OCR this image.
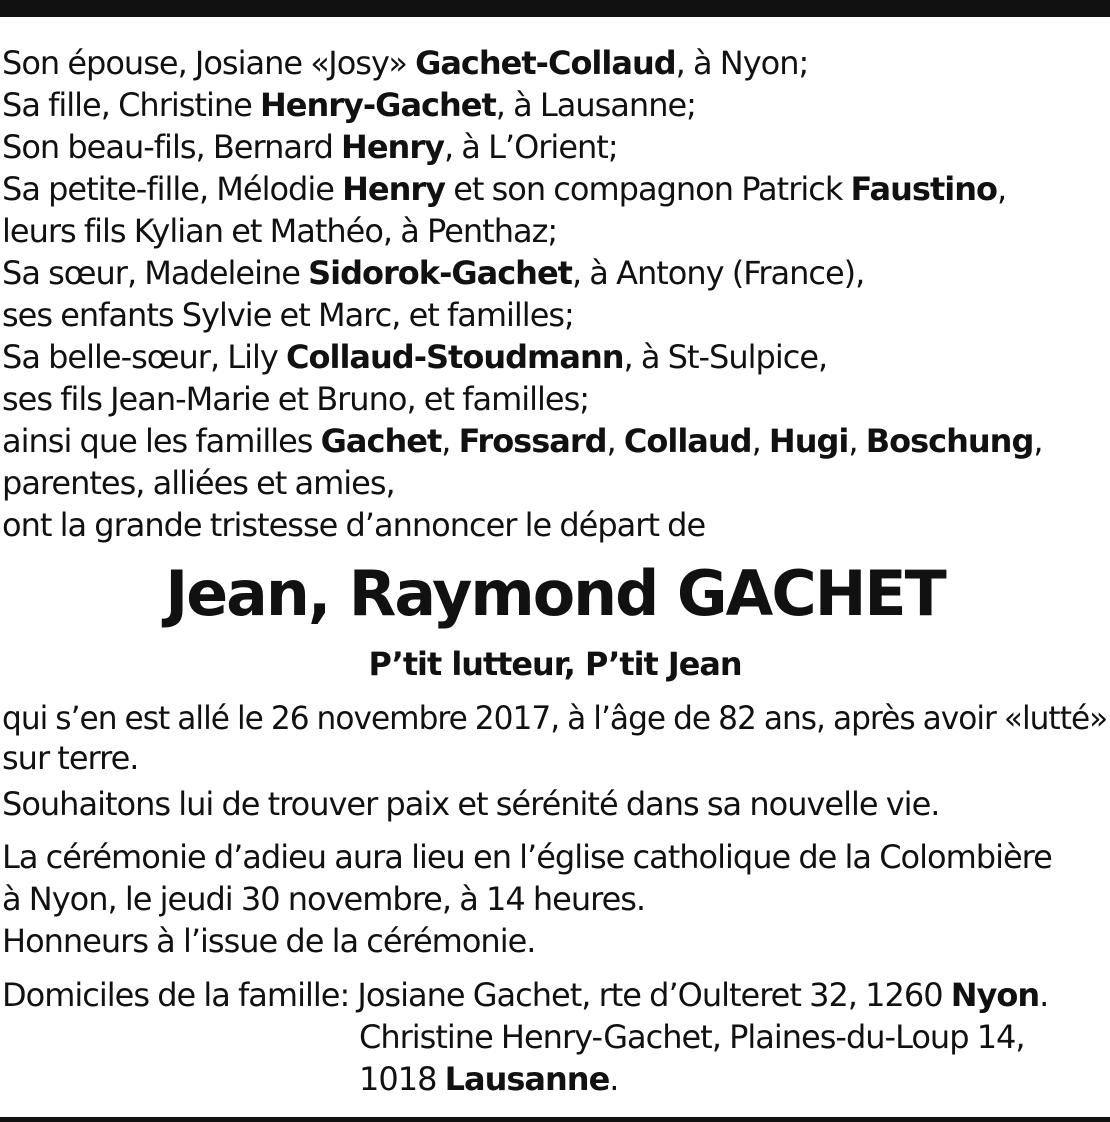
Son épouse, Josiane «Josy» Gachet-Collaud, à Nyon;
Sa fille, Christine Henry-Gachet, à Lausanne;
Son beau-fils, Bernard Henry, à L’Orient;
Sa petite-fille, Mélodie Henry et son compagnon Patrick Faustino,
leurs fils Kylian et Mathéo, à Penthaz;
Sa sœur, Madeleine Sidorok-Gachet, à Antony (France),
ses enfants Sylvie et Marc, et familles;
Sa belle-sœur, Lily Collaud-Stoudmann, à St-Sulpice,
ses fils Jean-Marie et Bruno, et familles;
ainsi que les familles Gachet, Frossard, Collaud, Hugi, Boschung,
parentes, alliées et amies,
ont la grande tristesse d’annoncer le départ de
Jean, Raymond GACHET
P’tit lutteur, P’tit Jean
qui s’en est allé le 26 novembre 2017, à l’âge de 82 ans, après avoir «lutté»
sur terre.
Souhaitons lui de trouver paix et sérénité dans sa nouvelle vie.
La cérémonie d’adieu aura lieu en l’église catholique de la Colombière
à Nyon, le jeudi 30 novembre, à 14 heures.
Honneurs à l’issue de la cérémonie.
Domiciles de la famille: Josiane Gachet, rte d’Oulteret 32, 1260 Nyon.
Christine Henry-Gachet, Plaines-du-Loup 14,
1018 Lausanne.
